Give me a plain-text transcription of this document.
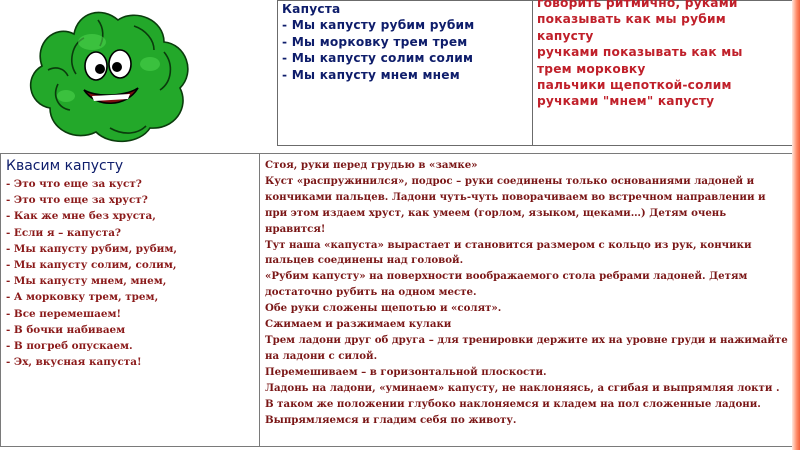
Капуста
- Мы капусту рубим рубим
- Мы морковку трем трем
- Мы капусту солим солим
- Мы капусту мнем мнем

говорить ритмично, руками
показывать как мы рубим
капусту
ручками показывать как мы
трем морковку
пальчики щепоткой-солим
ручками "мнем" капусту
Квасим капусту
- Это что еще за куст?
- Это что еще за хруст?
- Как же мне без хруста,
- Если я – капуста?
- Мы капусту рубим, рубим,
- Мы капусту солим, солим,
- Мы капусту мнем, мнем,
- А морковку трем, трем,
- Все перемешаем!
- В бочки набиваем
- В погреб опускаем.
- Эх, вкусная капуста!

Стоя, руки перед грудью в «замке»
Куст «распружинился», подрос – руки соединены только основаниями ладоней и кончиками пальцев. Ладони чуть-чуть поворачиваем во встречном направлении и при этом издаем хруст, как умеем (горлом, языком, щеками…) Детям очень нравится!
Тут наша «капуста» вырастает и становится размером с кольцо из рук, кончики пальцев соединены над головой.
«Рубим капусту» на поверхности воображаемого стола ребрами ладоней. Детям достаточно рубить на одном месте.
Обе руки сложены щепотью и «солят».
Сжимаем и разжимаем кулаки
Трем ладони друг об друга – для тренировки держите их на уровне груди и нажимайте на ладони с силой.
Перемешиваем – в горизонтальной плоскости.
Ладонь на ладони, «уминаем» капусту, не наклоняясь, а сгибая и выпрямляя локти .
В таком же положении глубоко наклоняемся и кладем на пол сложенные ладони.
Выпрямляемся и гладим себя по животу.
